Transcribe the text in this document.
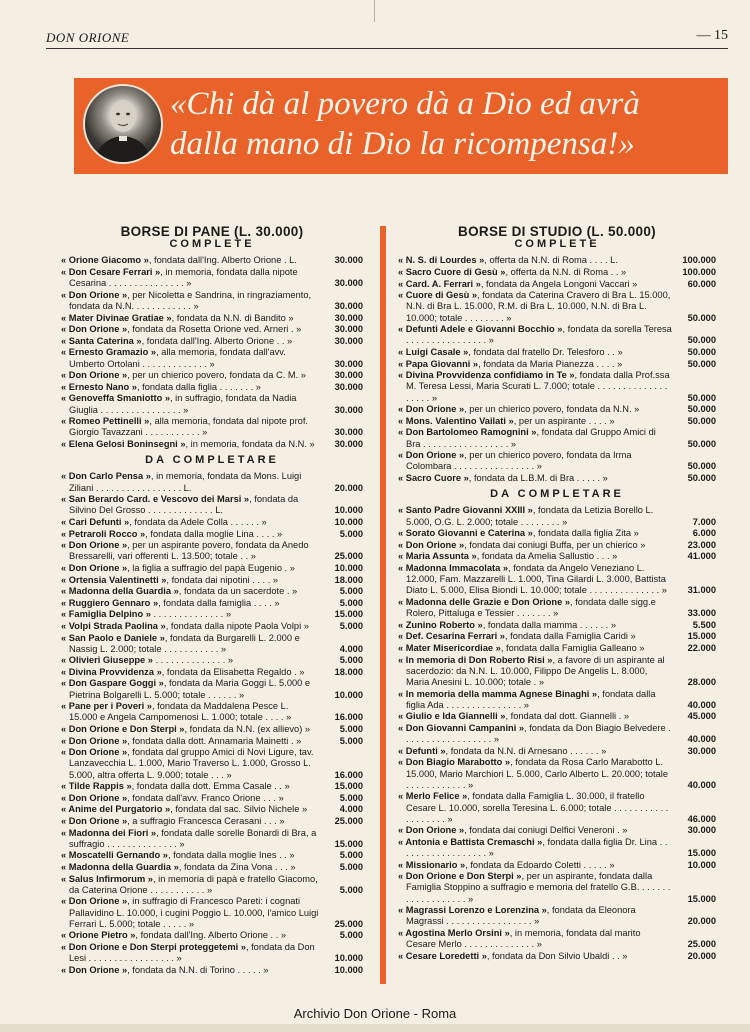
DON ORIONE	— 15
«Chi dà al povero dà a Dio ed avrà
dalla mano di Dio la ricompensa!»
BORSE DI PANE (L. 30.000)
COMPLETE
« Orione Giacomo », fondata dall'Ing. Alberto Orione . L.	30.000
« Don Cesare Ferrari », in memoria, fondata dalla nipote Cesarina . . . . . . . . . . . . . . . »	30.000
« Don Orione », per Nicoletta e Sandrina, in ringraziamento, fondata da N.N. . . . . . . . . . . . »	30.000
« Mater Divinae Gratiae », fondata da N.N. di Bandito »	30.000
« Don Orione », fondata da Rosetta Orione ved. Arneri . »	30.000
« Santa Caterina », fondata dall'Ing. Alberto Orione . . »	30.000
« Ernesto Gramazio », alla memoria, fondata dall'avv. Umberto Ortolani . . . . . . . . . . . . . »	30.000
« Don Orione », per un chierico povero, fondata da C. M. »	30.000
« Ernesto Nano », fondata dalla figlia . . . . . . . »	30.000
« Genoveffa Smaniotto », in suffragio, fondata da Nadia Giuglia . . . . . . . . . . . . . . . . »	30.000
« Romeo Pettinelli », alla memoria, fondata dal nipote prof. Giorgio Tavazzani . . . . . . . . . . . »	30.000
« Elena Gelosi Boninsegni », in memoria, fondata da N.N. »	30.000
DA COMPLETARE
« Don Carlo Pensa », in memoria, fondata da Mons. Luigi Ziliani . . . . . . . . . . . . . . . . . L.	20.000
« San Berardo Card. e Vescovo dei Marsi », fondata da Silvino Del Grosso . . . . . . . . . . . . . L.	10.000
« Cari Defunti », fondata da Adele Colla . . . . . . »	10.000
« Petraroli Rocco », fondata dalla moglie Lina . . . . »	5.000
« Don Orione », per un aspirante povero, fondata da Anedo Bressarelli, vari offerenti L. 13.500; totale . . »	25.000
« Don Orione », la figlia a suffragio del papà Eugenio . »	10.000
« Ortensia Valentinetti », fondata dai nipotini . . . . »	18.000
« Madonna della Guardia », fondata da un sacerdote . »	5.000
« Ruggiero Gennaro », fondata dalla famiglia . . . . »	5.000
« Famiglia Delpino » . . . . . . . . . . . . . . »	15.000
« Volpi Strada Paolina », fondata dalla nipote Paola Volpi »	5.000
« San Paolo e Daniele », fondata da Burgarelli L. 2.000 e Nassig L. 2.000; totale . . . . . . . . . . . »	4.000
« Olivieri Giuseppe » . . . . . . . . . . . . . . »	5.000
« Divina Provvidenza », fondata da Elisabetta Regaldo . »	18.000
« Don Gaspare Goggi », fondata da Maria Goggi L. 5.000 e Pietrina Bolgarelli L. 5.000; totale . . . . . . »	10.000
« Pane per i Poveri », fondata da Maddalena Pesce L. 15.000 e Angela Campomenosi L. 1.000; totale . . . . »	16.000
« Don Orione e Don Sterpi », fondata da N.N. (ex allievo) »	5.000
« Don Orione », fondata dalla dott. Annamaria Mainetti . »	5.000
« Don Orione », fondata dal gruppo Amici di Novi Ligure, tav. Lanzavecchia L. 1.000, Mario Traverso L. 1.000, Grosso L. 5.000, altra offerta L. 9.000; totale . . . »	16.000
« Tilde Rappis », fondata dalla dott. Emma Casale . . »	15.000
« Don Orione », fondata dall'avv. Franco Orione . . . »	5.000
« Anime del Purgatorio », fondata dal sac. Silvio Nichele »	4.000
« Don Orione », a suffragio Francesca Cerasani . . . »	25.000
« Madonna dei Fiori », fondata dalle sorelle Bonardi di Bra, a suffragio . . . . . . . . . . . . . . »	15.000
« Moscatelli Gernando », fondata dalla moglie Ines . . »	5.000
« Madonna della Guardia », fondata da Zina Vona . . . »	5.000
« Salus Infirmorum », in memoria di papà e fratello Giacomo, da Caterina Orione . . . . . . . . . . . »	5.000
« Don Orione », in suffragio di Francesco Pareti: i cognati Pallavidino L. 10.000, i cugini Poggio L. 10.000, l'amico Luigi Ferrari L. 5.000; totale . . . . . »	25.000
« Orione Pietro », fondata dall'Ing. Alberto Orione . . »	5.000
« Don Orione e Don Sterpi proteggetemi », fondata da Don Lesi . . . . . . . . . . . . . . . . . »	10.000
« Don Orione », fondata da N.N. di Torino . . . . . »	10.000
BORSE DI STUDIO (L. 50.000)
COMPLETE
« N. S. di Lourdes », offerta da N.N. di Roma . . . . L.	100.000
« Sacro Cuore di Gesù », offerta da N.N. di Roma . . »	100.000
« Card. A. Ferrari », fondata da Angela Longoni Vaccari »	60.000
« Cuore di Gesù », fondata da Caterina Cravero di Bra L. 15.000, N.N. di Bra L. 15.000, R.M. di Bra L. 10.000, N.N. di Bra L. 10.000; totale . . . . . . . . »	50.000
« Defunti Adele e Giovanni Bocchio », fondata da sorella Teresa . . . . . . . . . . . . . . . . »	50.000
« Luigi Casale », fondata dal fratello Dr. Telesforo . . »	50.000
« Papa Giovanni », fondata da Maria Pianezza . . . . »	50.000
« Divina Provvidenza confidiamo in Te », fondata dalla Prof.ssa M. Teresa Lessi, Maria Scurati L. 7.000; totale . . . . . . . . . . . . . . . . . . . »	50.000
« Don Orione », per un chierico povero, fondata da N.N. »	50.000
« Mons. Valentino Vailati », per un aspirante . . . . »	50.000
« Don Bartolomeo Ramognini », fondata dal Gruppo Amici di Bra . . . . . . . . . . . . . . . . . »	50.000
« Don Orione », per un chierico povero, fondata da Irma Colombara . . . . . . . . . . . . . . . . »	50.000
« Sacro Cuore », fondata da L.B.M. di Bra . . . . . »	50.000
DA COMPLETARE
« Santo Padre Giovanni XXIII », fondata da Letizia Borello L. 5.000, O.G. L. 2.000; totale . . . . . . . . »	7.000
« Sorato Giovanni e Caterina », fondata dalla figlia Zita »	6.000
« Don Orione », fondata dai coniugi Buffa, per un chierico »	23.000
« Maria Assunta », fondata da Amelia Sallustio . . . »	41.000
« Madonna Immacolata », fondata da Angelo Veneziano L. 12.000, Fam. Mazzarelli L. 1.000, Tina Gilardi L. 3.000, Battista Diato L. 5.000, Elisa Biondi L. 10.000; totale . . . . . . . . . . . . . . »	31.000
« Madonna delle Grazie e Don Orione », fondata dalle sigg.e Rolero, Pittaluga e Tessier . . . . . . . »	33.000
« Zunino Roberto », fondata dalla mamma . . . . . . »	5.500
« Def. Cesarina Ferrari », fondata dalla Famiglia Caridi »	15.000
« Mater Misericordiae », fondata dalla Famiglia Galleano »	22.000
« In memoria di Don Roberto Risi », a favore di un aspirante al sacerdozio: da N.N. L. 10.000, Filippo De Angelis L. 8.000, Maria Anesini L. 10.000; totale . »	28.000
« In memoria della mamma Agnese Binaghi », fondata dalla figlia Ada . . . . . . . . . . . . . . . »	40.000
« Giulio e Ida Giannelli », fondata dal dott. Giannelli . »	45.000
« Don Giovanni Campanini », fondata da Don Biagio Belvedere . . . . . . . . . . . . . . . . . . »	40.000
« Defunti », fondata da N.N. di Arnesano . . . . . . »	30.000
« Don Biagio Marabotto », fondata da Rosa Carlo Marabotto L. 15.000, Mario Marchiori L. 5.000, Carlo Alberto L. 20.000; totale . . . . . . . . . . . . »	40.000
« Merlo Felice », fondata dalla Famiglia L. 30.000, il fratello Cesare L. 10.000, sorella Teresina L. 6.000; totale . . . . . . . . . . . . . . . . . . . »	46.000
« Don Orione », fondata dai coniugi Delfici Veneroni . »	30.000
« Antonia e Battista Cremaschi », fondata dalla figlia Dr. Lina . . . . . . . . . . . . . . . . . . »	15.000
« Missionario », fondata da Edoardo Coletti . . . . . »	10.000
« Don Orione e Don Sterpi », per un aspirante, fondata dalla Famiglia Stoppino a suffragio e memoria del fratello G.B. . . . . . . . . . . . . . . . . . . »	15.000
« Magrassi Lorenzo e Lorenzina », fondata da Eleonora Magrassi . . . . . . . . . . . . . . . . . »	20.000
« Agostina Merlo Orsini », in memoria, fondata dal marito Cesare Merlo . . . . . . . . . . . . . . »	25.000
« Cesare Loredetti », fondata da Don Silvio Ubaldi . . »	20.000
Archivio Don Orione - Roma
